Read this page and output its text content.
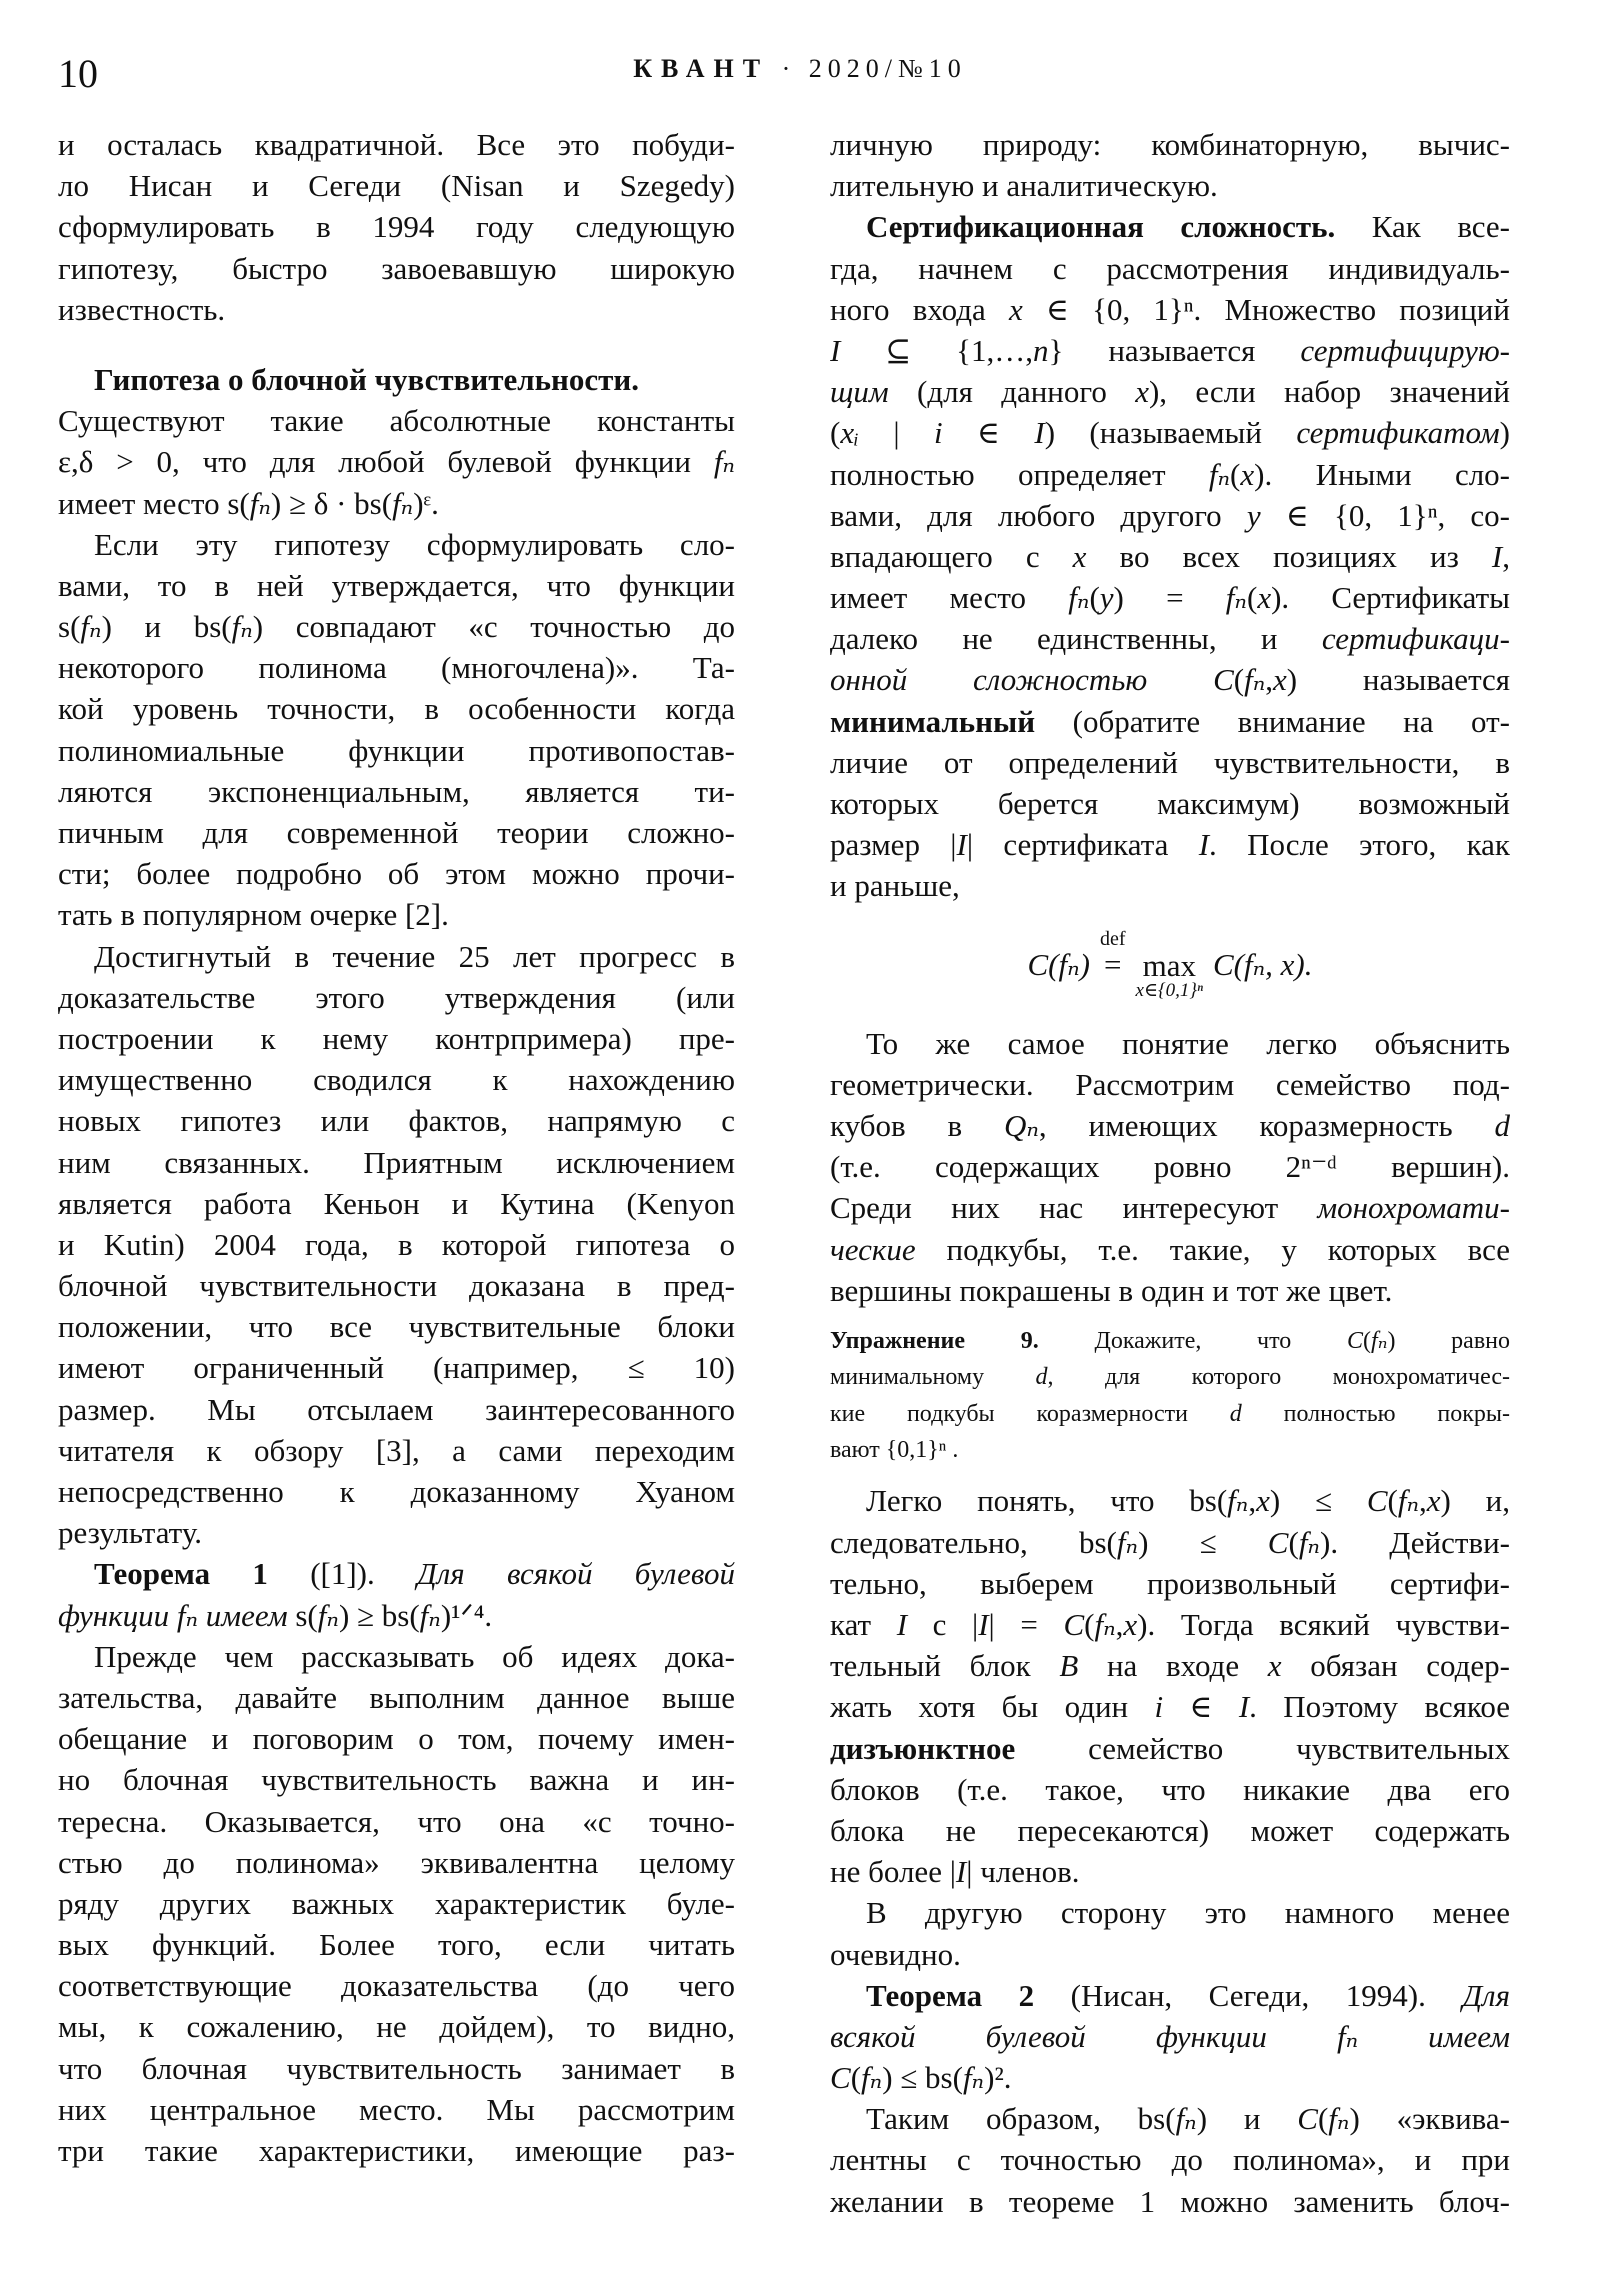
10	КВАНТ · 2020/№10
и осталась квадратичной. Все это побуди-
ло Нисан и Сегеди (Nisan и Szegedy)
сформулировать в 1994 году следующую
гипотезу, быстро завоевавшую широкую
известность.
Гипотеза о блочной чувствительности.
Существуют такие абсолютные константы
ε,δ > 0, что для любой булевой функции fₙ
имеет место s(fₙ) ≥ δ · bs(fₙ)ᵋ.
Если эту гипотезу сформулировать сло-
вами, то в ней утверждается, что функции
s(fₙ) и bs(fₙ) совпадают «с точностью до
некоторого полинома (многочлена)». Та-
кой уровень точности, в особенности когда
полиномиальные функции противопостав-
ляются экспоненциальным, является ти-
пичным для современной теории сложно-
сти; более подробно об этом можно прочи-
тать в популярном очерке [2].
Достигнутый в течение 25 лет прогресс в
доказательстве этого утверждения (или
построении к нему контрпримера) пре-
имущественно сводился к нахождению
новых гипотез или фактов, напрямую с
ним связанных. Приятным исключением
является работа Кеньон и Кутина (Kenyon
и Kutin) 2004 года, в которой гипотеза о
блочной чувствительности доказана в пред-
положении, что все чувствительные блоки
имеют ограниченный (например, ≤ 10)
размер. Мы отсылаем заинтересованного
читателя к обзору [3], а сами переходим
непосредственно к доказанному Хуаном
результату.
Теорема 1 ([1]). Для всякой булевой
функции fₙ имеем s(fₙ) ≥ bs(fₙ)¹ᐟ⁴.
Прежде чем рассказывать об идеях дока-
зательства, давайте выполним данное выше
обещание и поговорим о том, почему имен-
но блочная чувствительность важна и ин-
тересна. Оказывается, что она «с точно-
стью до полинома» эквивалентна целому
ряду других важных характеристик буле-
вых функций. Более того, если читать
соответствующие доказательства (до чего
мы, к сожалению, не дойдем), то видно,
что блочная чувствительность занимает в
них центральное место. Мы рассмотрим
три такие характеристики, имеющие раз-
личную природу: комбинаторную, вычис-
лительную и аналитическую.
Сертификационная сложность. Как все-
гда, начнем с рассмотрения индивидуаль-
ного входа x ∈ {0, 1}ⁿ. Множество позиций
I ⊆ {1,…,n} называется сертифицирую-
щим (для данного x), если набор значений
(xᵢ | i ∈ I) (называемый сертификатом)
полностью определяет fₙ(x). Иными сло-
вами, для любого другого y ∈ {0, 1}ⁿ, со-
впадающего с x во всех позициях из I,
имеет место fₙ(y) = fₙ(x). Сертификаты
далеко не единственны, и сертификаци-
онной сложностью C(fₙ,x) называется
минимальный (обратите внимание на от-
личие от определений чувствительности, в
которых берется максимум) возможный
размер |I| сертификата I. После этого, как
и раньше,
C(fₙ)
def
=

max
x∈{0,1}ⁿ
C(fₙ, x).
То же самое понятие легко объяснить
геометрически. Рассмотрим семейство под-
кубов в Qₙ, имеющих коразмерность d
(т.е. содержащих ровно 2ⁿ⁻ᵈ вершин).
Среди них нас интересуют монохромати-
ческие подкубы, т.е. такие, у которых все
вершины покрашены в один и тот же цвет.
Упражнение 9. Докажите, что C(fₙ) равно
минимальному d, для которого монохроматичес-
кие подкубы коразмерности d полностью покры-
вают {0,1}ⁿ .
Легко понять, что bs(fₙ,x) ≤ C(fₙ,x) и,
следовательно, bs(fₙ) ≤ C(fₙ). Действи-
тельно, выберем произвольный сертифи-
кат I с |I| = C(fₙ,x). Тогда всякий чувстви-
тельный блок B на входе x обязан содер-
жать хотя бы один i ∈ I. Поэтому всякое
дизъюнктное семейство чувствительных
блоков (т.е. такое, что никакие два его
блока не пересекаются) может содержать
не более |I| членов.
В другую сторону это намного менее
очевидно.
Теорема 2 (Нисан, Сегеди, 1994). Для
всякой булевой функции fₙ имеем
C(fₙ) ≤ bs(fₙ)².
Таким образом, bs(fₙ) и C(fₙ) «эквива-
лентны с точностью до полинома», и при
желании в теореме 1 можно заменить блоч-
